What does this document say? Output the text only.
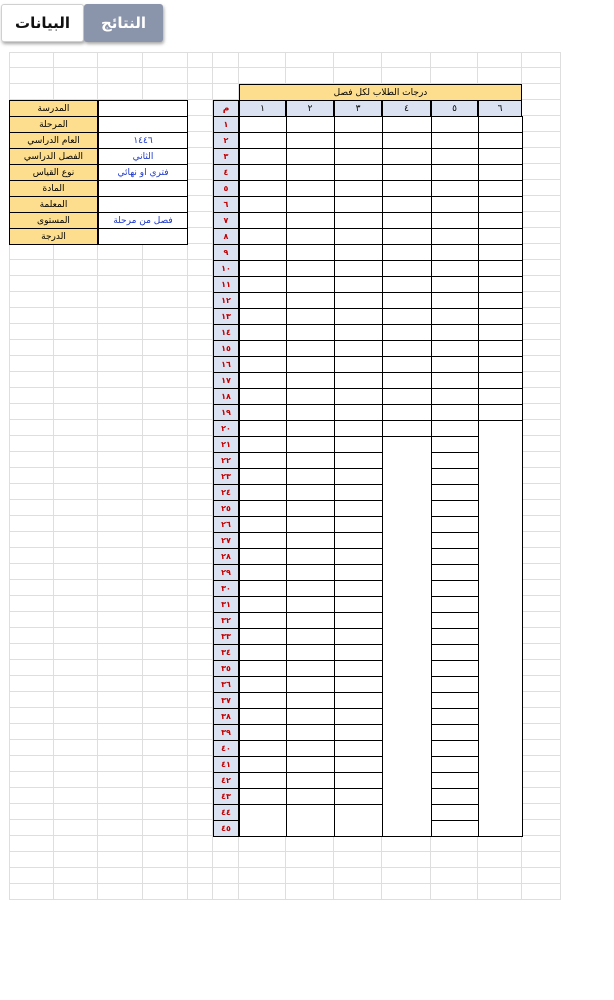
المدرسة
المرحلة
العام الدراسي	١٤٤٦
الفصل الدراسي	الثاني
نوع القياس	فتري او نهائي
المادة
المعلمة
المستوى	فصل من مرحلة
الدرجة
درجات الطلاب لكل فصل
م	١	٢	٣	٤	٥	٦
١
٢
٣
٤
٥
٦
٧
٨
٩
١٠
١١
١٢
١٣
١٤
١٥
١٦
١٧
١٨
١٩
٢٠
٢١
٢٢
٢٣
٢٤
٢٥
٢٦
٢٧
٢٨
٢٩
٣٠
٣١
٣٢
٣٣
٣٤
٣٥
٣٦
٣٧
٣٨
٣٩
٤٠
٤١
٤٢
٤٣
٤٤
٤٥
البيانات	النتائج
